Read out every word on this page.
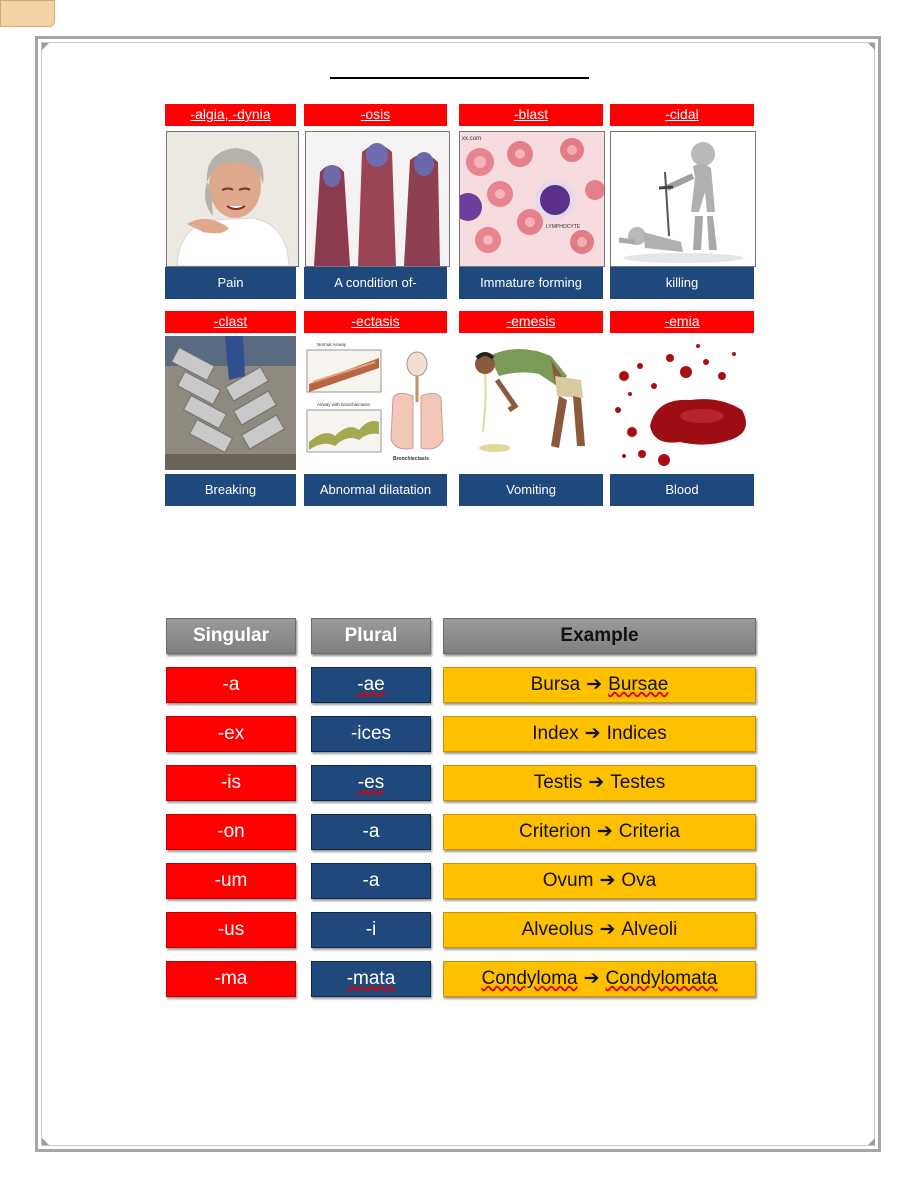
-algia, -dynia	-osis	-blast	-cidal
xx.com
LYMPHOCYTE
Pain	A condition of-	Immature forming	killing
-clast	-ectasis	-emesis	-emia
Normal Airway
Airway with bronchiectasis
Bronchiectasis
Breaking	Abnormal dilatation	Vomiting	Blood
Singular	Plural	Example
-a	-ae	Bursa ➔ Bursae
-ex	-ices	Index ➔ Indices
-is	-es	Testis ➔ Testes
-on	-a	Criterion ➔ Criteria
-um	-a	Ovum ➔ Ova
-us	-i	Alveolus ➔ Alveoli
-ma	-mata	Condyloma ➔ Condylomata
